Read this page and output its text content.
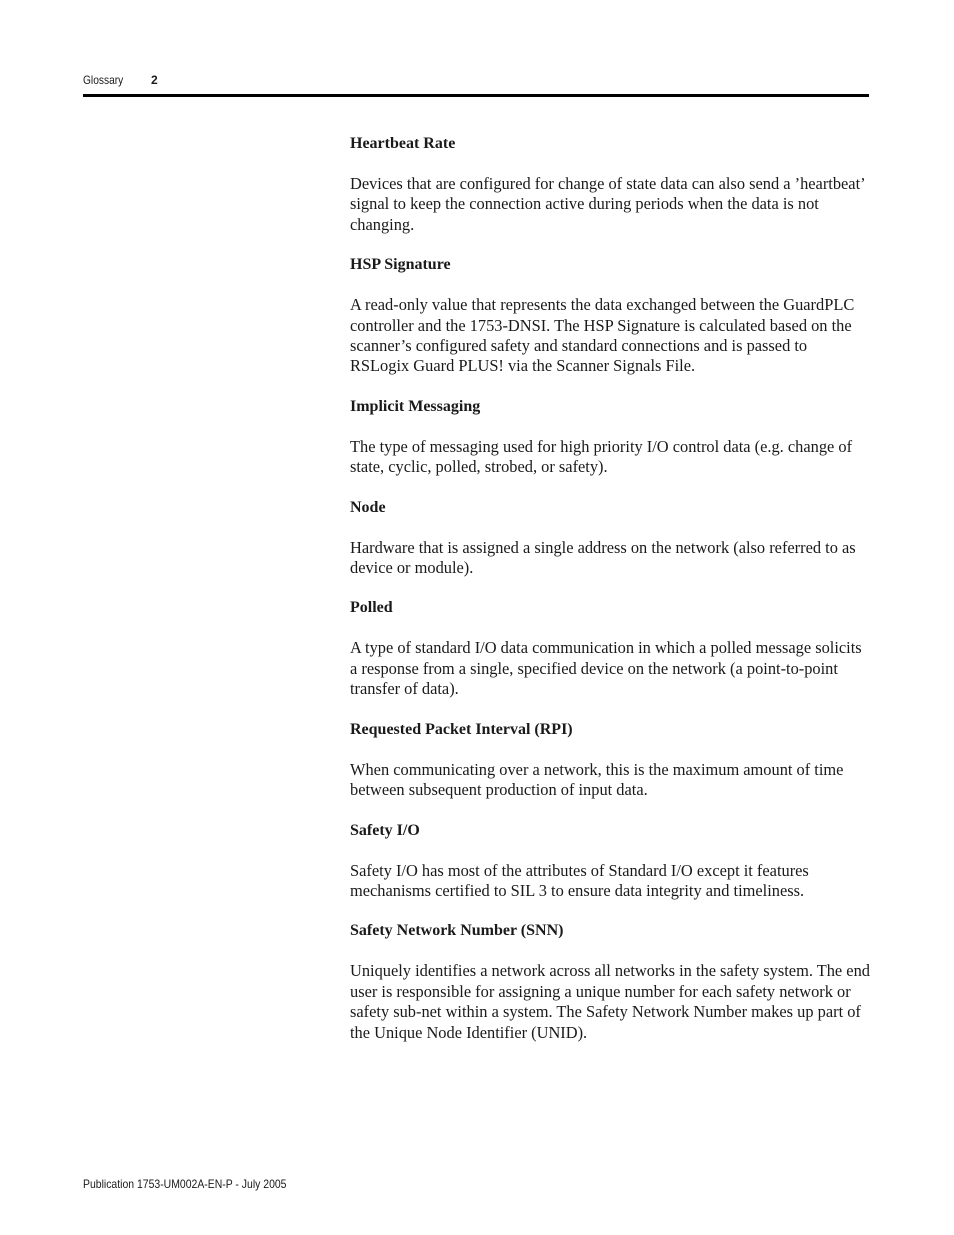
Glossary	2

Heartbeat Rate

Devices that are configured for change of state data can also send a ’heartbeat’ signal to keep the connection active during periods when the data is not changing.

HSP Signature

A read-only value that represents the data exchanged between the GuardPLC controller and the 1753-DNSI. The HSP Signature is calculated based on the scanner’s configured safety and standard connections and is passed to RSLogix Guard PLUS! via the Scanner Signals File.

Implicit Messaging

The type of messaging used for high priority I/O control data (e.g. change of state, cyclic, polled, strobed, or safety).

Node

Hardware that is assigned a single address on the network (also referred to as device or module).

Polled

A type of standard I/O data communication in which a polled message solicits a response from a single, specified device on the network (a point-to-point transfer of data).

Requested Packet Interval (RPI)

When communicating over a network, this is the maximum amount of time between subsequent production of input data.

Safety I/O

Safety I/O has most of the attributes of Standard I/O except it features mechanisms certified to SIL 3 to ensure data integrity and timeliness.

Safety Network Number (SNN)

Uniquely identifies a network across all networks in the safety system. The end user is responsible for assigning a unique number for each safety network or safety sub-net within a system. The Safety Network Number makes up part of the Unique Node Identifier (UNID).

Publication 1753-UM002A-EN-P - July 2005
